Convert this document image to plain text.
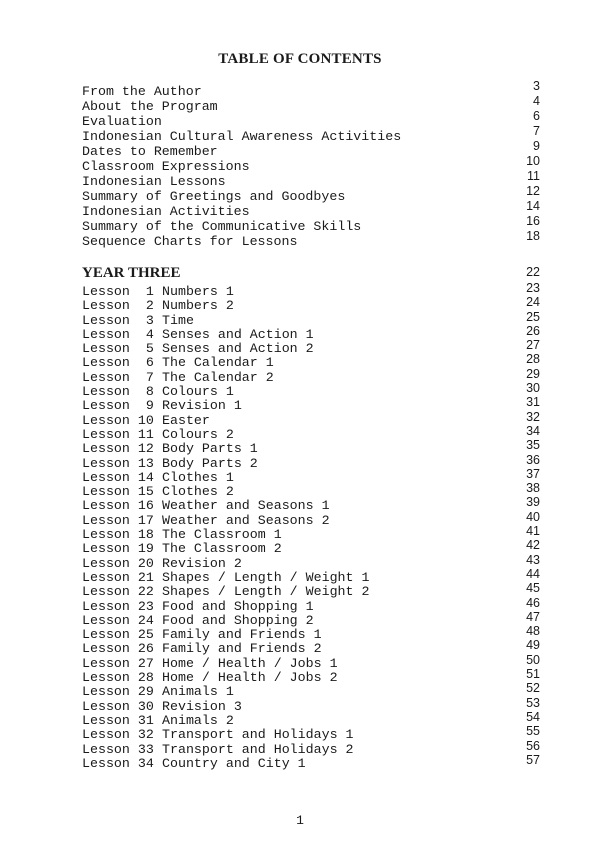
TABLE OF CONTENTS
From the Author	3
About the Program	4
Evaluation	6
Indonesian Cultural Awareness Activities	7
Dates to Remember	9
Classroom Expressions	10
Indonesian Lessons	11
Summary of Greetings and Goodbyes	12
Indonesian Activities	14
Summary of the Communicative Skills	16
Sequence Charts for Lessons	18
YEAR THREE	22
Lesson  1 Numbers 1	23
Lesson  2 Numbers 2	24
Lesson  3 Time	25
Lesson  4 Senses and Action 1	26
Lesson  5 Senses and Action 2	27
Lesson  6 The Calendar 1	28
Lesson  7 The Calendar 2	29
Lesson  8 Colours 1	30
Lesson  9 Revision 1	31
Lesson 10 Easter	32
Lesson 11 Colours 2	34
Lesson 12 Body Parts 1	35
Lesson 13 Body Parts 2	36
Lesson 14 Clothes 1	37
Lesson 15 Clothes 2	38
Lesson 16 Weather and Seasons 1	39
Lesson 17 Weather and Seasons 2	40
Lesson 18 The Classroom 1	41
Lesson 19 The Classroom 2	42
Lesson 20 Revision 2	43
Lesson 21 Shapes / Length / Weight 1	44
Lesson 22 Shapes / Length / Weight 2	45
Lesson 23 Food and Shopping 1	46
Lesson 24 Food and Shopping 2	47
Lesson 25 Family and Friends 1	48
Lesson 26 Family and Friends 2	49
Lesson 27 Home / Health / Jobs 1	50
Lesson 28 Home / Health / Jobs 2	51
Lesson 29 Animals 1	52
Lesson 30 Revision 3	53
Lesson 31 Animals 2	54
Lesson 32 Transport and Holidays 1	55
Lesson 33 Transport and Holidays 2	56
Lesson 34 Country and City 1	57
1
